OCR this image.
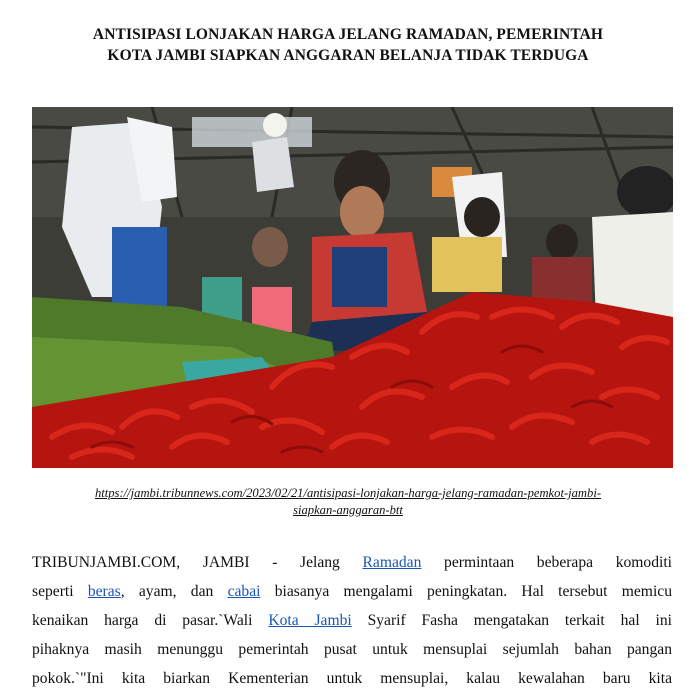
ANTISIPASI LONJAKAN HARGA JELANG RAMADAN, PEMERINTAH
KOTA JAMBI SIAPKAN ANGGARAN BELANJA TIDAK TERDUGA
https://jambi.tribunnews.com/2023/02/21/antisipasi-lonjakan-harga-jelang-ramadan-pemkot-jambi-
siapkan-anggaran-btt
TRIBUNJAMBI.COM, JAMBI - Jelang Ramadan permintaan beberapa komoditi
seperti beras, ayam, dan cabai biasanya mengalami peningkatan. Hal tersebut memicu
kenaikan harga di pasar.`Wali Kota Jambi Syarif Fasha mengatakan terkait hal ini
pihaknya masih menunggu pemerintah pusat untuk mensuplai sejumlah bahan pangan
pokok.`"Ini kita biarkan Kementerian untuk mensuplai, kalau kewalahan baru kita
